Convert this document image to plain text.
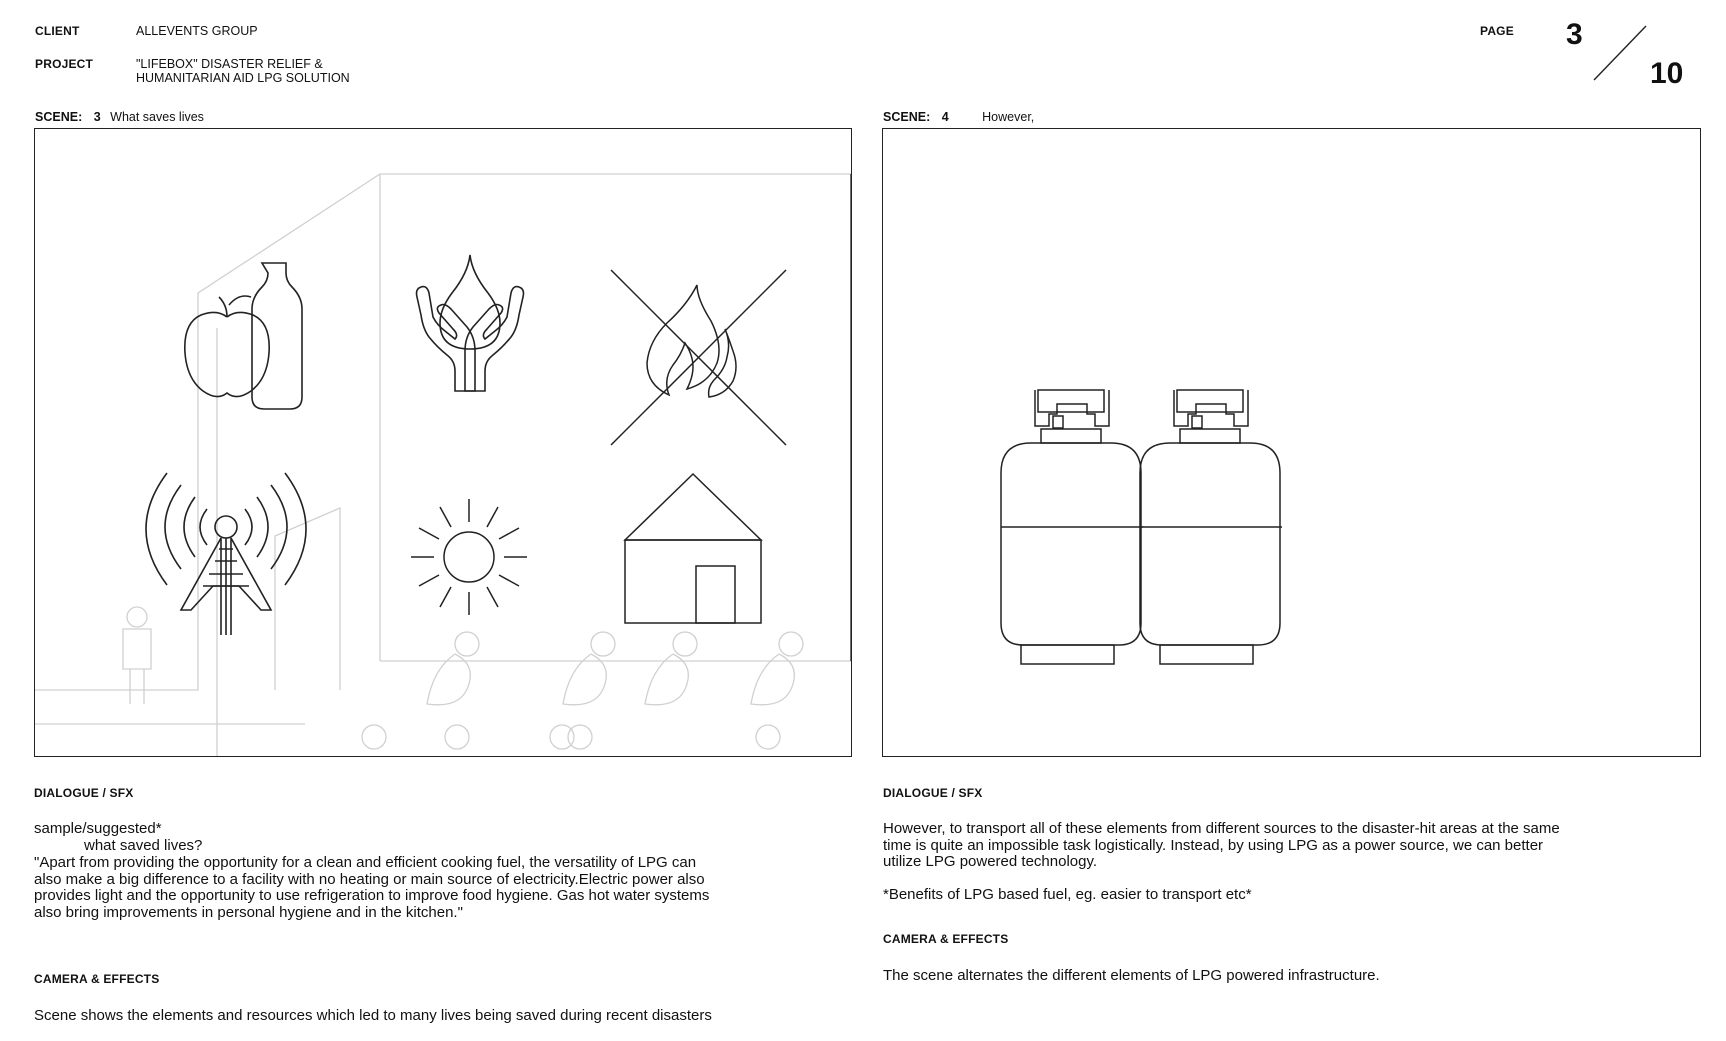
CLIENT	ALLEVENTS GROUP
PROJECT	"LIFEBOX" DISASTER RELIEF &
HUMANITARIAN AID LPG SOLUTION
PAGE 3
10
SCENE: 3 What saves lives	SCENE: 4	However,
DIALOGUE / SFX
sample/suggested*
what saved lives?
"Apart from providing the opportunity for a clean and efficient cooking fuel, the versatility of LPG can
also make a big difference to a facility with no heating or main source of electricity.Electric power also
provides light and the opportunity to use refrigeration to improve food hygiene. Gas hot water systems
also bring improvements in personal hygiene and in the kitchen."
CAMERA & EFFECTS
Scene shows the elements and resources which led to many lives being saved during recent disasters
DIALOGUE / SFX
However, to transport all of these elements from different sources to the disaster-hit areas at the same
time is quite an impossible task logistically. Instead, by using LPG as a power source, we can better
utilize LPG powered technology.
*Benefits of LPG based fuel, eg. easier to transport etc*
CAMERA & EFFECTS
The scene alternates the different elements of LPG powered infrastructure.
